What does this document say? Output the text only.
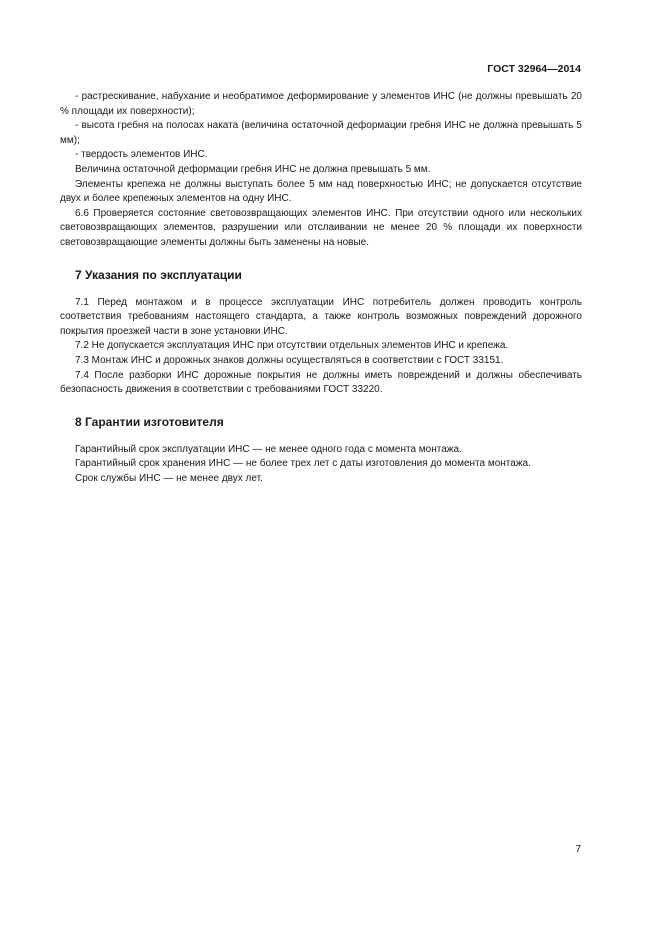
ГОСТ 32964—2014

- растрескивание, набухание и необратимое деформирование у элементов ИНС (не должны превышать 20 % площади их поверхности);

- высота гребня на полосах наката (величина остаточной деформации гребня ИНС не должна превышать 5 мм);

- твердость элементов ИНС.

Величина остаточной деформации гребня ИНС не должна превышать 5 мм.

Элементы крепежа не должны выступать более 5 мм над поверхностью ИНС; не допускается отсутствие двух и более крепежных элементов на одну ИНС.

6.6 Проверяется состояние световозвращающих элементов ИНС. При отсутствии одного или нескольких световозвращающих элементов, разрушении или отслаивании не менее 20 % площади их поверхности световозвращающие элементы должны быть заменены на новые.

7 Указания по эксплуатации

7.1 Перед монтажом и в процессе эксплуатации ИНС потребитель должен проводить контроль соответствия требованиям настоящего стандарта, а также контроль возможных повреждений дорожного покрытия проезжей части в зоне установки ИНС.

7.2 Не допускается эксплуатация ИНС при отсутствии отдельных элементов ИНС и крепежа.

7.3 Монтаж ИНС и дорожных знаков должны осуществляться в соответствии с ГОСТ 33151.

7.4 После разборки ИНС дорожные покрытия не должны иметь повреждений и должны обеспечивать безопасность движения в соответствии с требованиями ГОСТ 33220.

8 Гарантии изготовителя

Гарантийный срок эксплуатации ИНС — не менее одного года с момента монтажа.

Гарантийный срок хранения ИНС — не более трех лет с даты изготовления до момента монтажа.

Срок службы ИНС — не менее двух лет.

7
